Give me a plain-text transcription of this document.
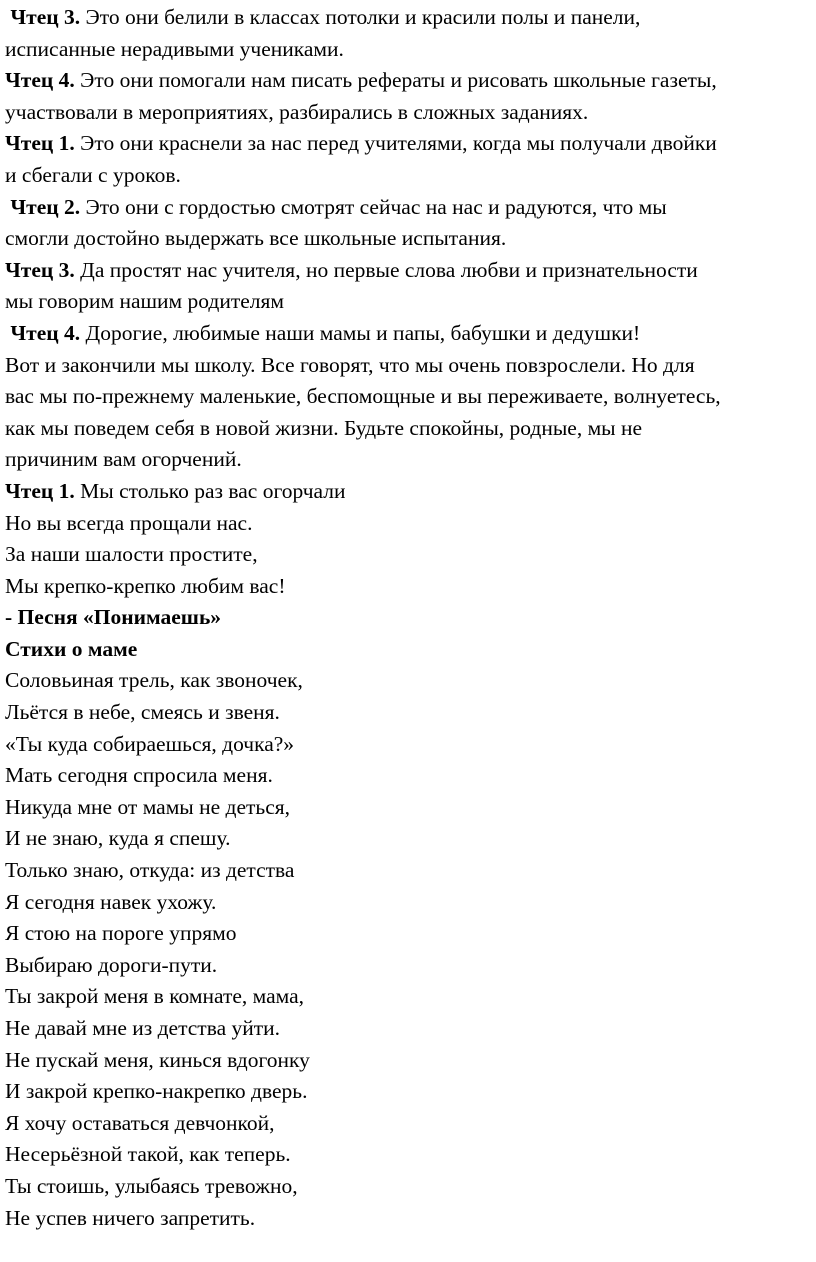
Чтец 3. Это они белили в классах потолки и красили полы и панели,
исписанные нерадивыми учениками.
Чтец 4. Это они помогали нам писать рефераты и рисовать школьные газеты,
участвовали в мероприятиях, разбирались в сложных заданиях.
Чтец 1. Это они краснели за нас перед учителями, когда мы получали двойки
и сбегали с уроков.
Чтец 2. Это они с гордостью смотрят сейчас на нас и радуются, что мы
смогли достойно выдержать все школьные испытания.
Чтец 3. Да простят нас учителя, но первые слова любви и признательности
мы говорим нашим родителям
Чтец 4. Дорогие, любимые наши мамы и папы, бабушки и дедушки!
Вот и закончили мы школу. Все говорят, что мы очень повзрослели. Но для
вас мы по-прежнему маленькие, беспомощные и вы переживаете, волнуетесь,
как мы поведем себя в новой жизни. Будьте спокойны, родные, мы не
причиним вам огорчений.
Чтец 1. Мы столько раз вас огорчали
Но вы всегда прощали нас.
За наши шалости простите,
Мы крепко-крепко любим вас!
- Песня «Понимаешь»
Стихи о маме
Соловьиная трель, как звоночек,
Льётся в небе, смеясь и звеня.
«Ты куда собираешься, дочка?»
Мать сегодня спросила меня.
Никуда мне от мамы не деться,
И не знаю, куда я спешу.
Только знаю, откуда: из детства
Я сегодня навек ухожу.
Я стою на пороге упрямо
Выбираю дороги-пути.
Ты закрой меня в комнате, мама,
Не давай мне из детства уйти.
Не пускай меня, кинься вдогонку
И закрой крепко-накрепко дверь.
Я хочу оставаться девчонкой,
Несерьёзной такой, как теперь.
Ты стоишь, улыбаясь тревожно,
Не успев ничего запретить.
